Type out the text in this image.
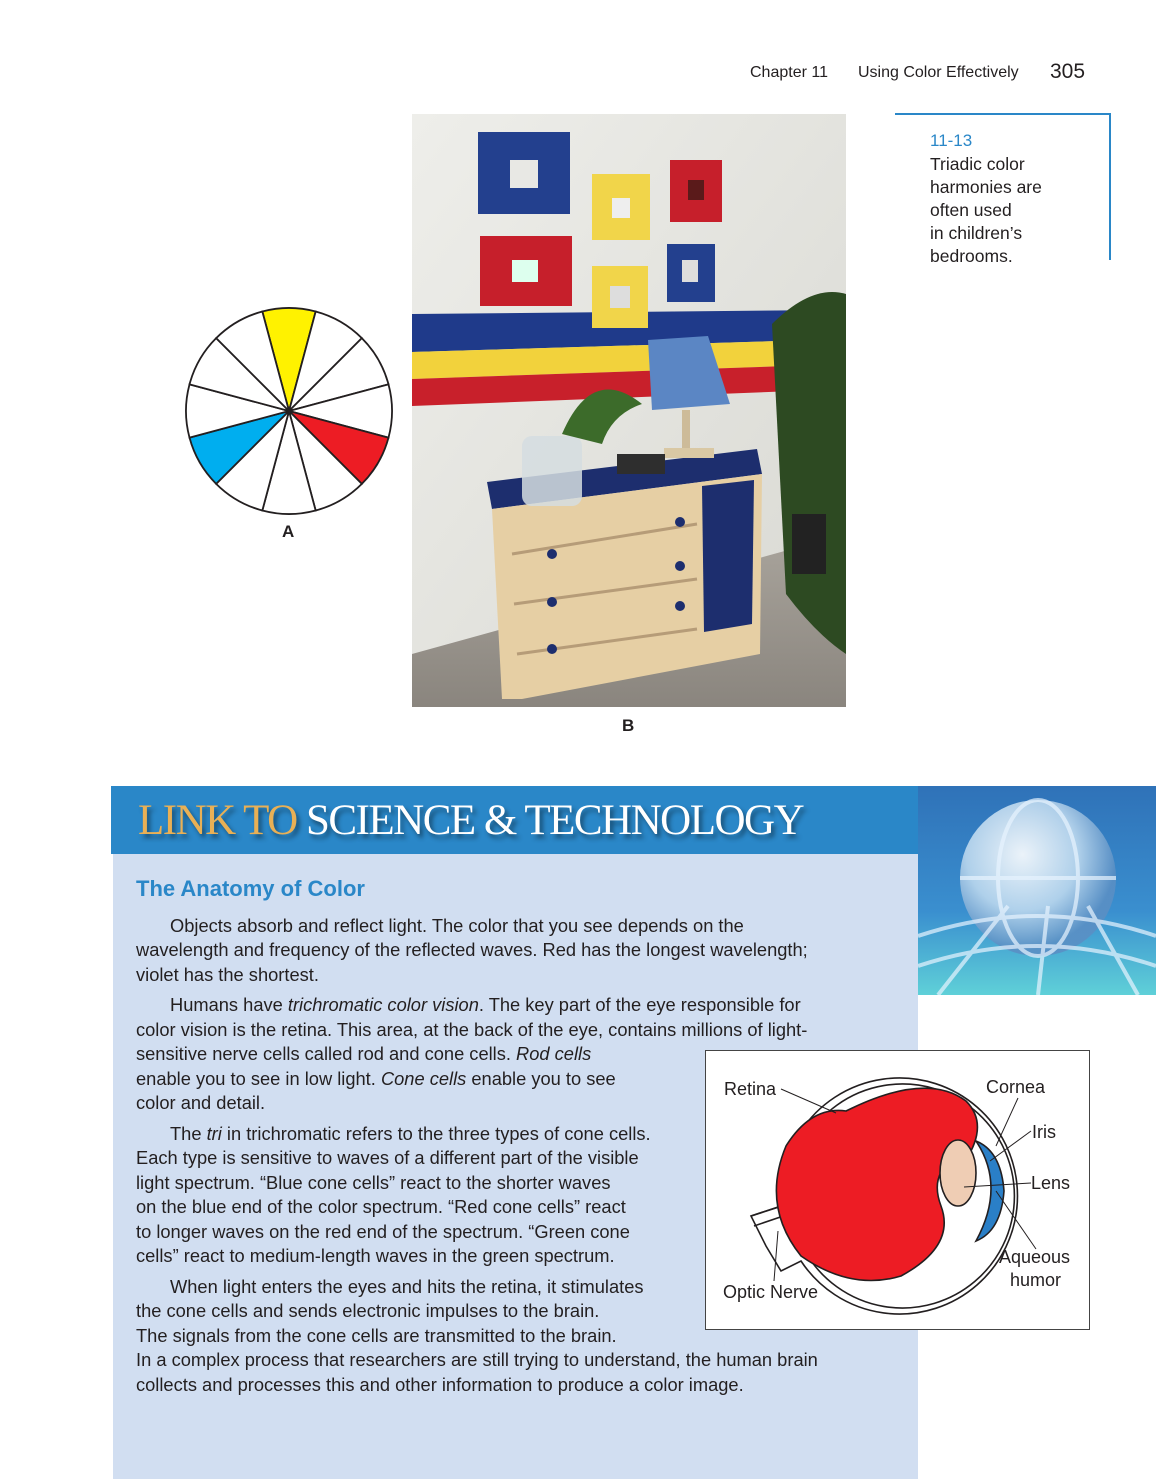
Chapter 11 Using Color Effectively 305
A
B
11-13
Triadic color
harmonies are
often used
in children’s
bedrooms.
LINK TO SCIENCE & TECHNOLOGY
The Anatomy of Color
Objects absorb and reflect light. The color that you see depends on the
wavelength and frequency of the reflected waves. Red has the longest wavelength;
violet has the shortest.
Humans have trichromatic color vision. The key part of the eye responsible for
color vision is the retina. This area, at the back of the eye, contains millions of light-
sensitive nerve cells called rod and cone cells. Rod cells
enable you to see in low light. Cone cells enable you to see
color and detail.
The tri in trichromatic refers to the three types of cone cells.
Each type is sensitive to waves of a different part of the visible
light spectrum. “Blue cone cells” react to the shorter waves
on the blue end of the color spectrum. “Red cone cells” react
to longer waves on the red end of the spectrum. “Green cone
cells” react to medium-length waves in the green spectrum.
When light enters the eyes and hits the retina, it stimulates
the cone cells and sends electronic impulses to the brain.
The signals from the cone cells are transmitted to the brain.
In a complex process that researchers are still trying to understand, the human brain
collects and processes this and other information to produce a color image.
Retina	Cornea
Iris
Lens
Aqueous
humor
Optic Nerve
